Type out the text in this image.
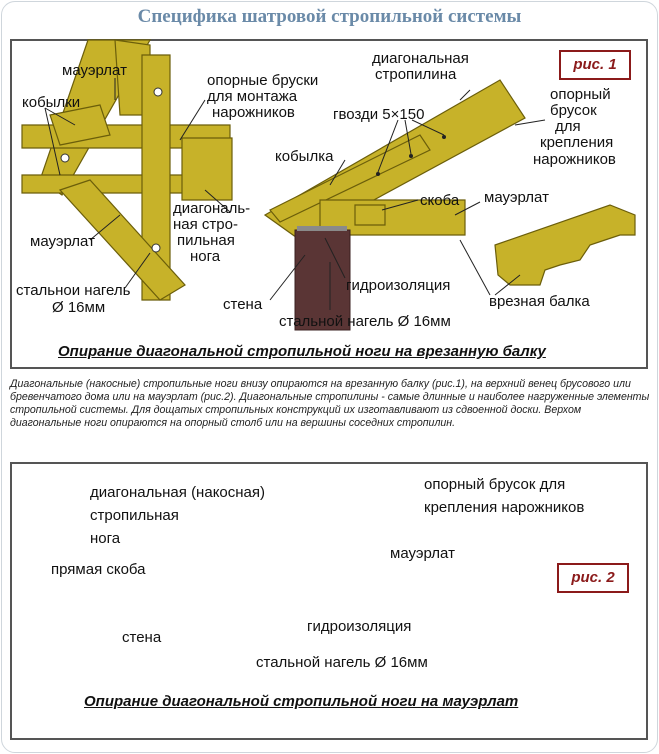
Специфика шатровой стропильной системы
рис. 1
мауэрлат
кобылки
опорные бруски
для монтажа
нарожников
диагональная
стропилина
гвозди 5×150
опорный
брусок
для
крепления
нарожников
кобылка
скоба мауэрлат
диагональ-
ная стро-
пильная
нога
мауэрлат
стальнои нагель
Ø 16мм	стена
гидроизоляция
врезная балка
стальной нагель Ø 16мм
Опирание диагональной стропильной ноги на врезанную балку
Диагональные (накосные) стропильные ноги внизу опираются на врезанную балку (рис.1), на верхний венец брусового или бревенчатого дома или на мауэрлат (рис.2). Диагональные стропилины - самые длинные и наиболее нагруженные элементы стропильной системы. Для дощатых стропильных конструкций их изготавливают из сдвоенной доски. Верхом диагональные ноги опираются на опорный столб или на вершины соседних стропилин.
рис. 2
диагональная (накосная)
стропильная
нога
опорный брусок для
крепления нарожников
мауэрлат
прямая скоба
стена
гидроизоляция
стальной нагель Ø 16мм
Опирание диагональной стропильной ноги на мауэрлат
